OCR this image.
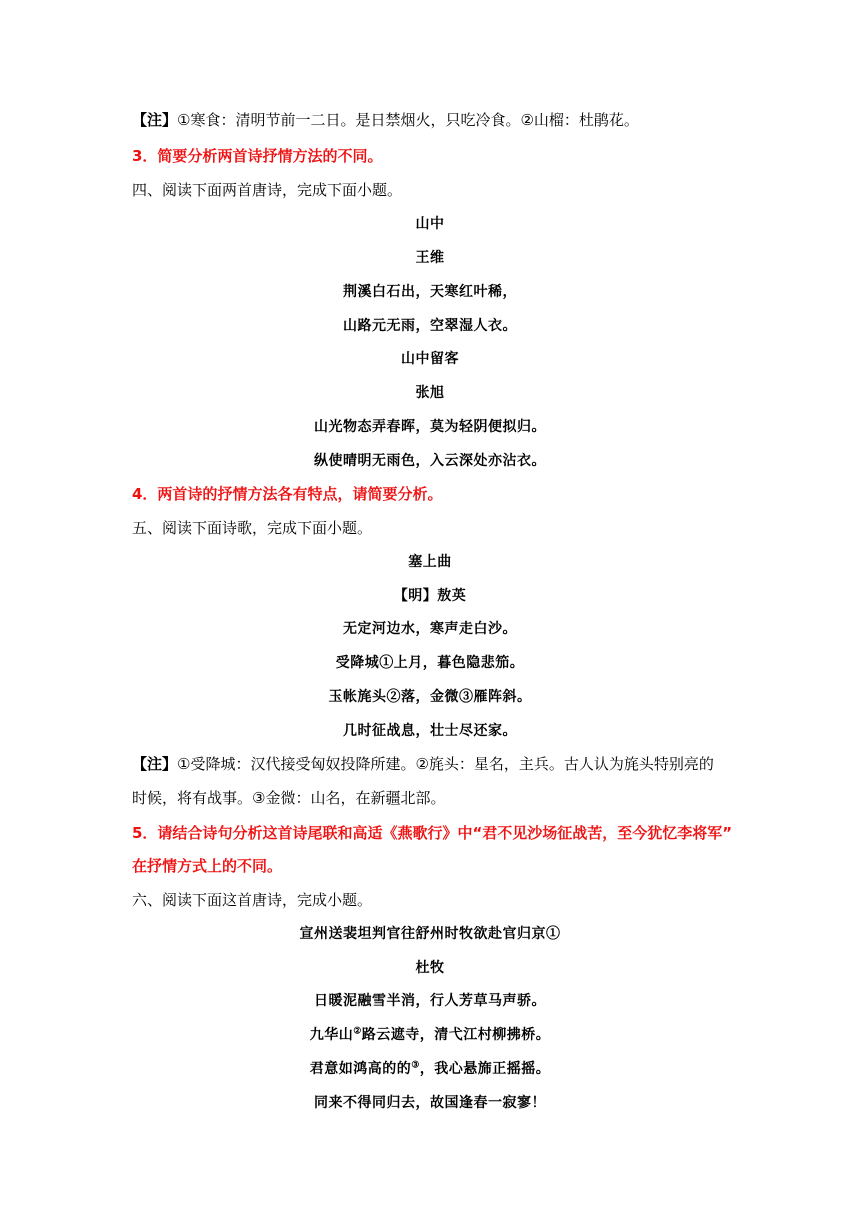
【注】①寒食：清明节前一二日。是日禁烟火，只吃冷食。②山榴：杜鹃花。
3．简要分析两首诗抒情方法的不同。
四、阅读下面两首唐诗，完成下面小题。
山中
王维
荆溪白石出，天寒红叶稀，
山路元无雨，空翠湿人衣。
山中留客
张旭
山光物态弄春晖，莫为轻阴便拟归。
纵使晴明无雨色，入云深处亦沾衣。
4．两首诗的抒情方法各有特点，请简要分析。
五、阅读下面诗歌，完成下面小题。
塞上曲
【明】敖英
无定河边水，寒声走白沙。
受降城①上月，暮色隐悲笳。
玉帐旄头②落，金微③雁阵斜。
几时征战息，壮士尽还家。
【注】①受降城：汉代接受匈奴投降所建。②旄头：星名，主兵。古人认为旄头特别亮的
时候，将有战事。③金微：山名，在新疆北部。
5．请结合诗句分析这首诗尾联和高适《燕歌行》中“君不见沙场征战苦，至今犹忆李将军”
在抒情方式上的不同。
六、阅读下面这首唐诗，完成小题。
宣州送裴坦判官往舒州时牧欲赴官归京①
杜牧
日暖泥融雪半消，行人芳草马声骄。
九华山②路云遮寺，清弋江村柳拂桥。
君意如鸿高的的③，我心悬旆正摇摇。
同来不得同归去，故国逢春一寂寥！
